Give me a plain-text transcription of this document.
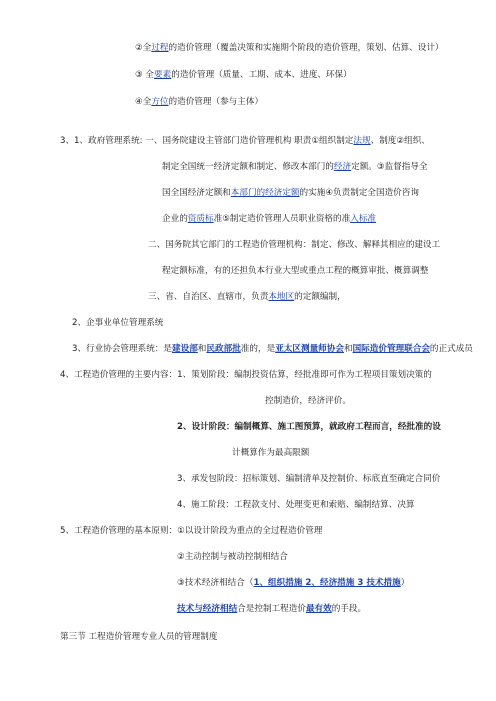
②全过程的造价管理（覆盖决策和实施期个阶段的造价管理，策划、估算、设计）
③ 全要素的造价管理（质量、工期、成本、进度、环保）
④全方位的造价管理（参与主体）
3、1、政府管理系统: 一、国务院建设主管部门造价管理机构 职责①组织制定法规、制度②组织、
制定全国统一经济定额和制定、修改本部门的经济定额。③监督指导全
国全国经济定额和本部门的经济定额的实施④负责制定全国造价咨询
企业的资质标准⑤制定造价管理人员职业资格的准入标准
二、国务院其它部门的工程造价管理机构：制定、修改、解释其相应的建设工
程定额标准，有的还担负本行业大型或重点工程的概算审批、概算调整
三、省、自治区、直辖市，负责本地区的定额编制，
2、企事业单位管理系统
3、行业协会管理系统：是建设部和民政部批准的，是亚太区测量师协会和国际造价管理联合会的正式成员
4、工程造价管理的主要内容：1、策划阶段：编制投资估算，经批准即可作为工程项目策划决策的
控制造价，经济评价。
2、设计阶段：编制概算、施工图预算，就政府工程而言，经批准的设
计概算作为最高限额
3、承发包阶段：招标策划、编制清单及控制价、标底直至确定合同价
4、施工阶段：工程款支付、处理变更和索赔、编制结算、决算
5、工程造价管理的基本原则：①以设计阶段为重点的全过程造价管理
②主动控制与被动控制相结合
③技术经济相结合（1、组织措施 2、经济措施 3 技术措施）
技术与经济相结合是控制工程造价最有效的手段。
第三节 工程造价管理专业人员的管理制度
